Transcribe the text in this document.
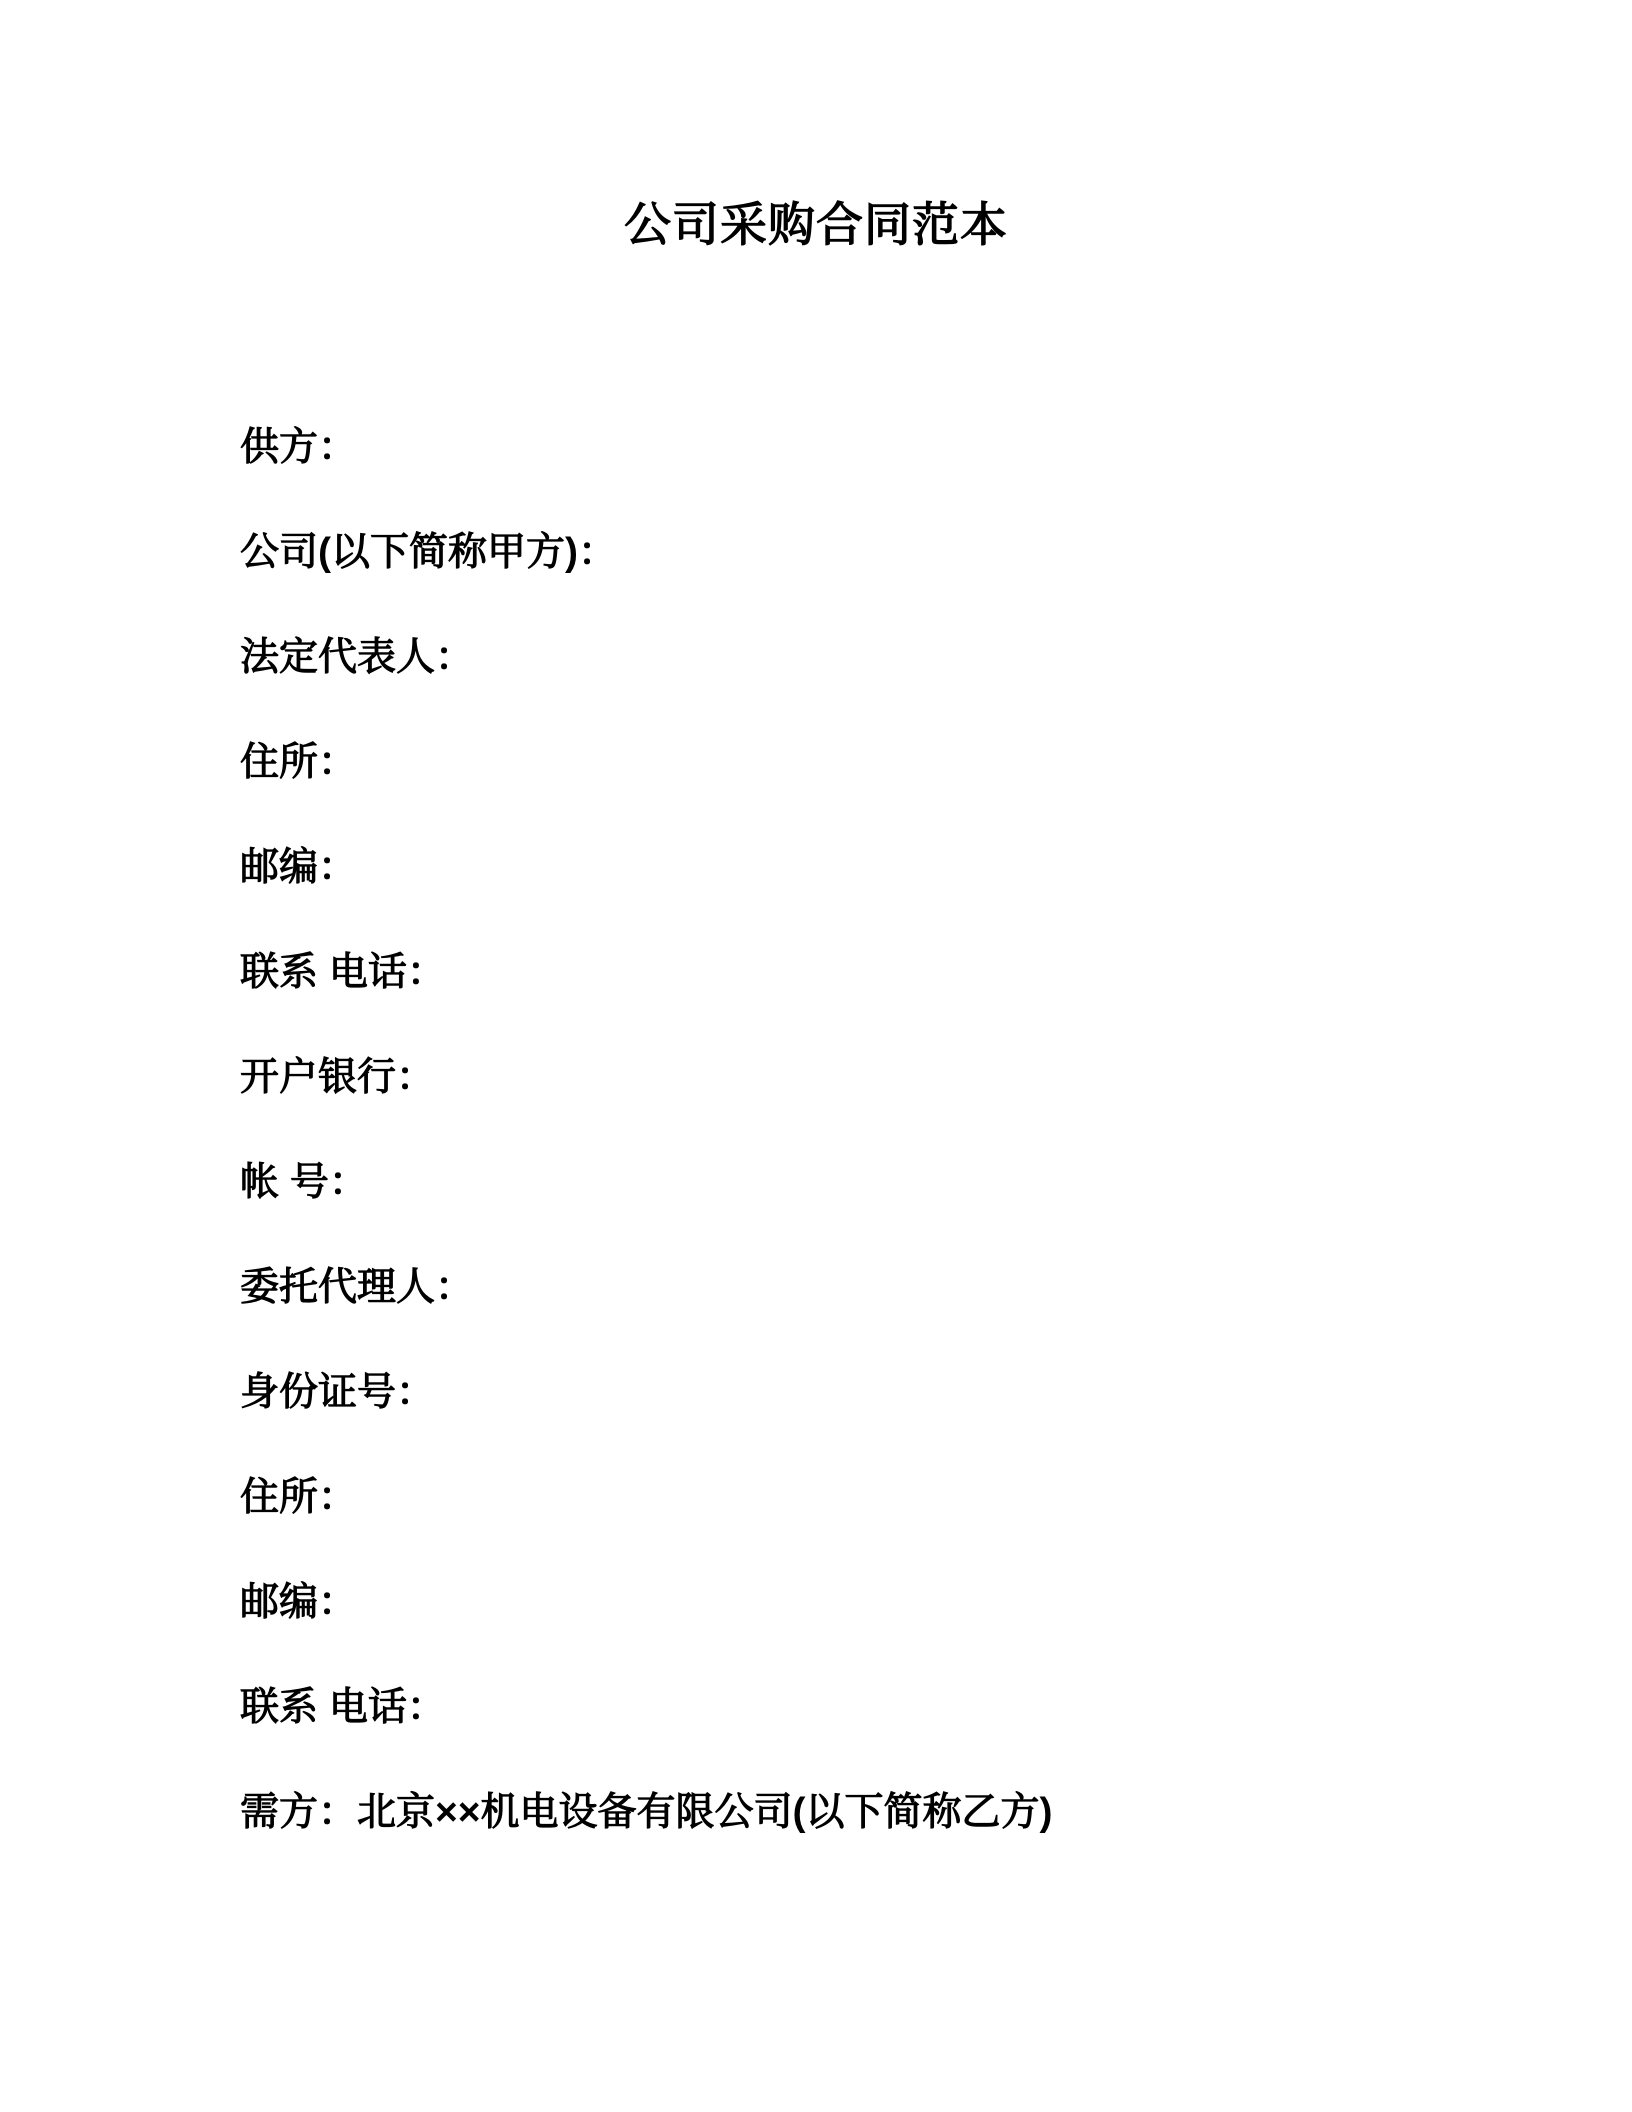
公司采购合同范本

供方：

公司(以下简称甲方)：

法定代表人：

住所：

邮编：

联系 电话：

开户银行：

帐 号：

委托代理人：

身份证号：

住所：

邮编：

联系 电话：

需方：北京××机电设备有限公司(以下简称乙方)
